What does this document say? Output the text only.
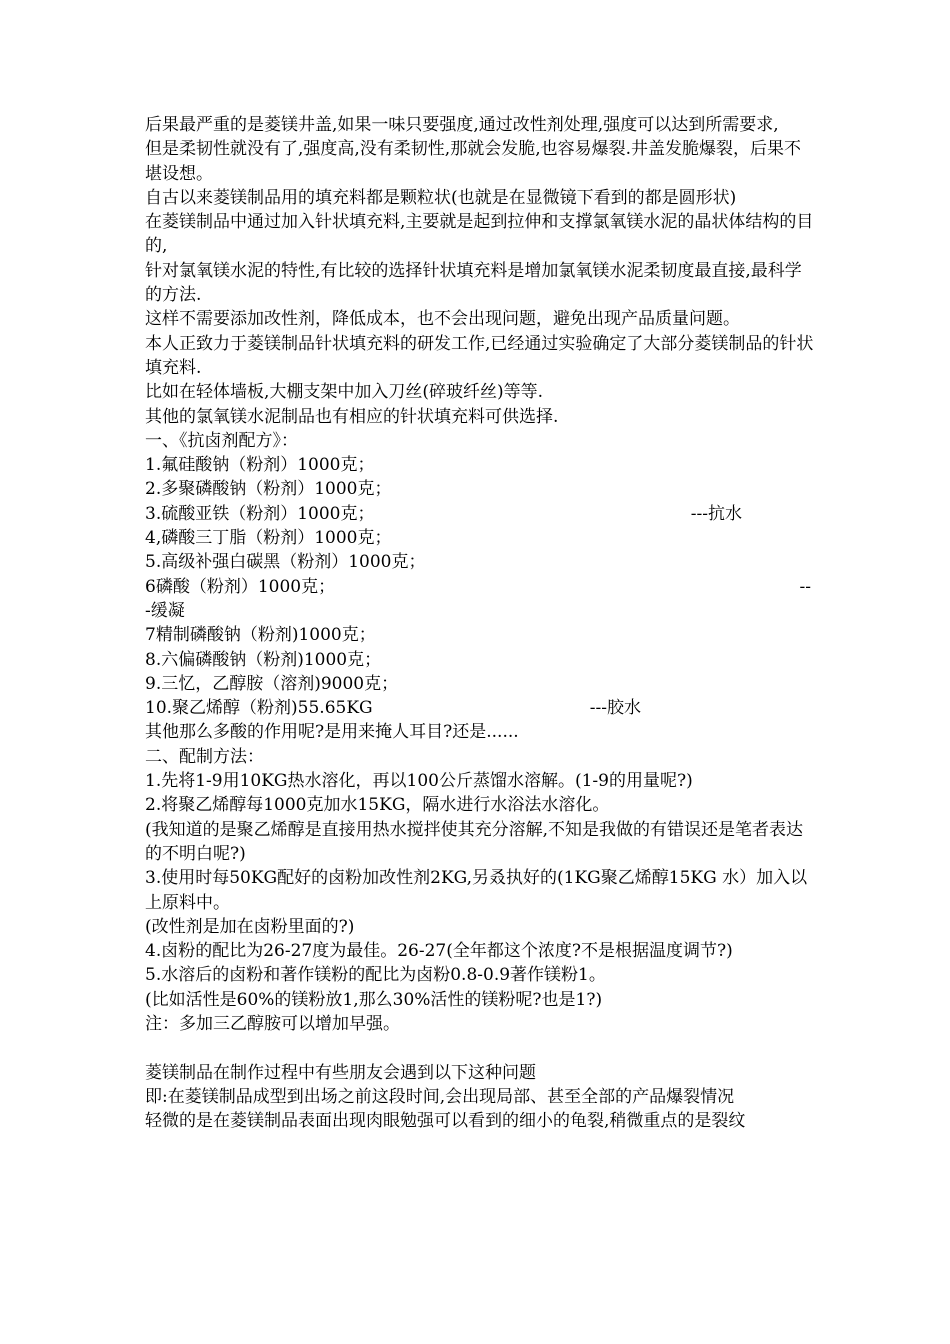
后果最严重的是菱镁井盖,如果一味只要强度,通过改性剂处理,强度可以达到所需要求,

但是柔韧性就没有了,强度高,没有柔韧性,那就会发脆,也容易爆裂.井盖发脆爆裂，后果不堪设想。

自古以来菱镁制品用的填充料都是颗粒状(也就是在显微镜下看到的都是圆形状)

在菱镁制品中通过加入针状填充料,主要就是起到拉伸和支撑氯氧镁水泥的晶状体结构的目的,

针对氯氧镁水泥的特性,有比较的选择针状填充料是增加氯氧镁水泥柔韧度最直接,最科学的方法.

这样不需要添加改性剂，降低成本，也不会出现问题，避免出现产品质量问题。

本人正致力于菱镁制品针状填充料的研发工作,已经通过实验确定了大部分菱镁制品的针状填充料.

比如在轻体墙板,大棚支架中加入刀丝(碎玻纤丝)等等.

其他的氯氧镁水泥制品也有相应的针状填充料可供选择.

一、《抗卤剂配方》：

1.氟硅酸钠（粉剂）1000克；

2.多聚磷酸钠（粉剂）1000克；

3.硫酸亚铁（粉剂）1000克；	---抗水

4,磷酸三丁脂（粉剂）1000克；

5.高级补强白碳黑（粉剂）1000克；

6磷酸（粉剂）1000克；	--

-缓凝

7精制磷酸钠（粉剂)1000克；

8.六偏磷酸钠（粉剂)1000克；

9.三忆，乙醇胺（溶剂)9000克；

10.聚乙烯醇（粉剂)55.65KG	---胶水

其他那么多酸的作用呢?是用来掩人耳目?还是......

二、配制方法：

1.先将1-9用10KG热水溶化，再以100公斤蒸馏水溶解。(1-9的用量呢?)

2.将聚乙烯醇每1000克加水15KG，隔水进行水浴法水溶化。

(我知道的是聚乙烯醇是直接用热水搅拌使其充分溶解,不知是我做的有错误还是笔者表达的不明白呢?)

3.使用时每50KG配好的卤粉加改性剂2KG,另叒执好的(1KG聚乙烯醇15KG 水）加入以上原料中。

(改性剂是加在卤粉里面的?)

4.卤粉的配比为26-27度为最佳。26-27(全年都这个浓度?不是根据温度调节?)

5.水溶后的卤粉和著作镁粉的配比为卤粉0.8-0.9著作镁粉1。

(比如活性是60%的镁粉放1,那么30%活性的镁粉呢?也是1?)

注：多加三乙醇胺可以增加早强。

菱镁制品在制作过程中有些朋友会遇到以下这种问题

即:在菱镁制品成型到出场之前这段时间,会出现局部、甚至全部的产品爆裂情况

轻微的是在菱镁制品表面出现肉眼勉强可以看到的细小的龟裂,稍微重点的是裂纹
